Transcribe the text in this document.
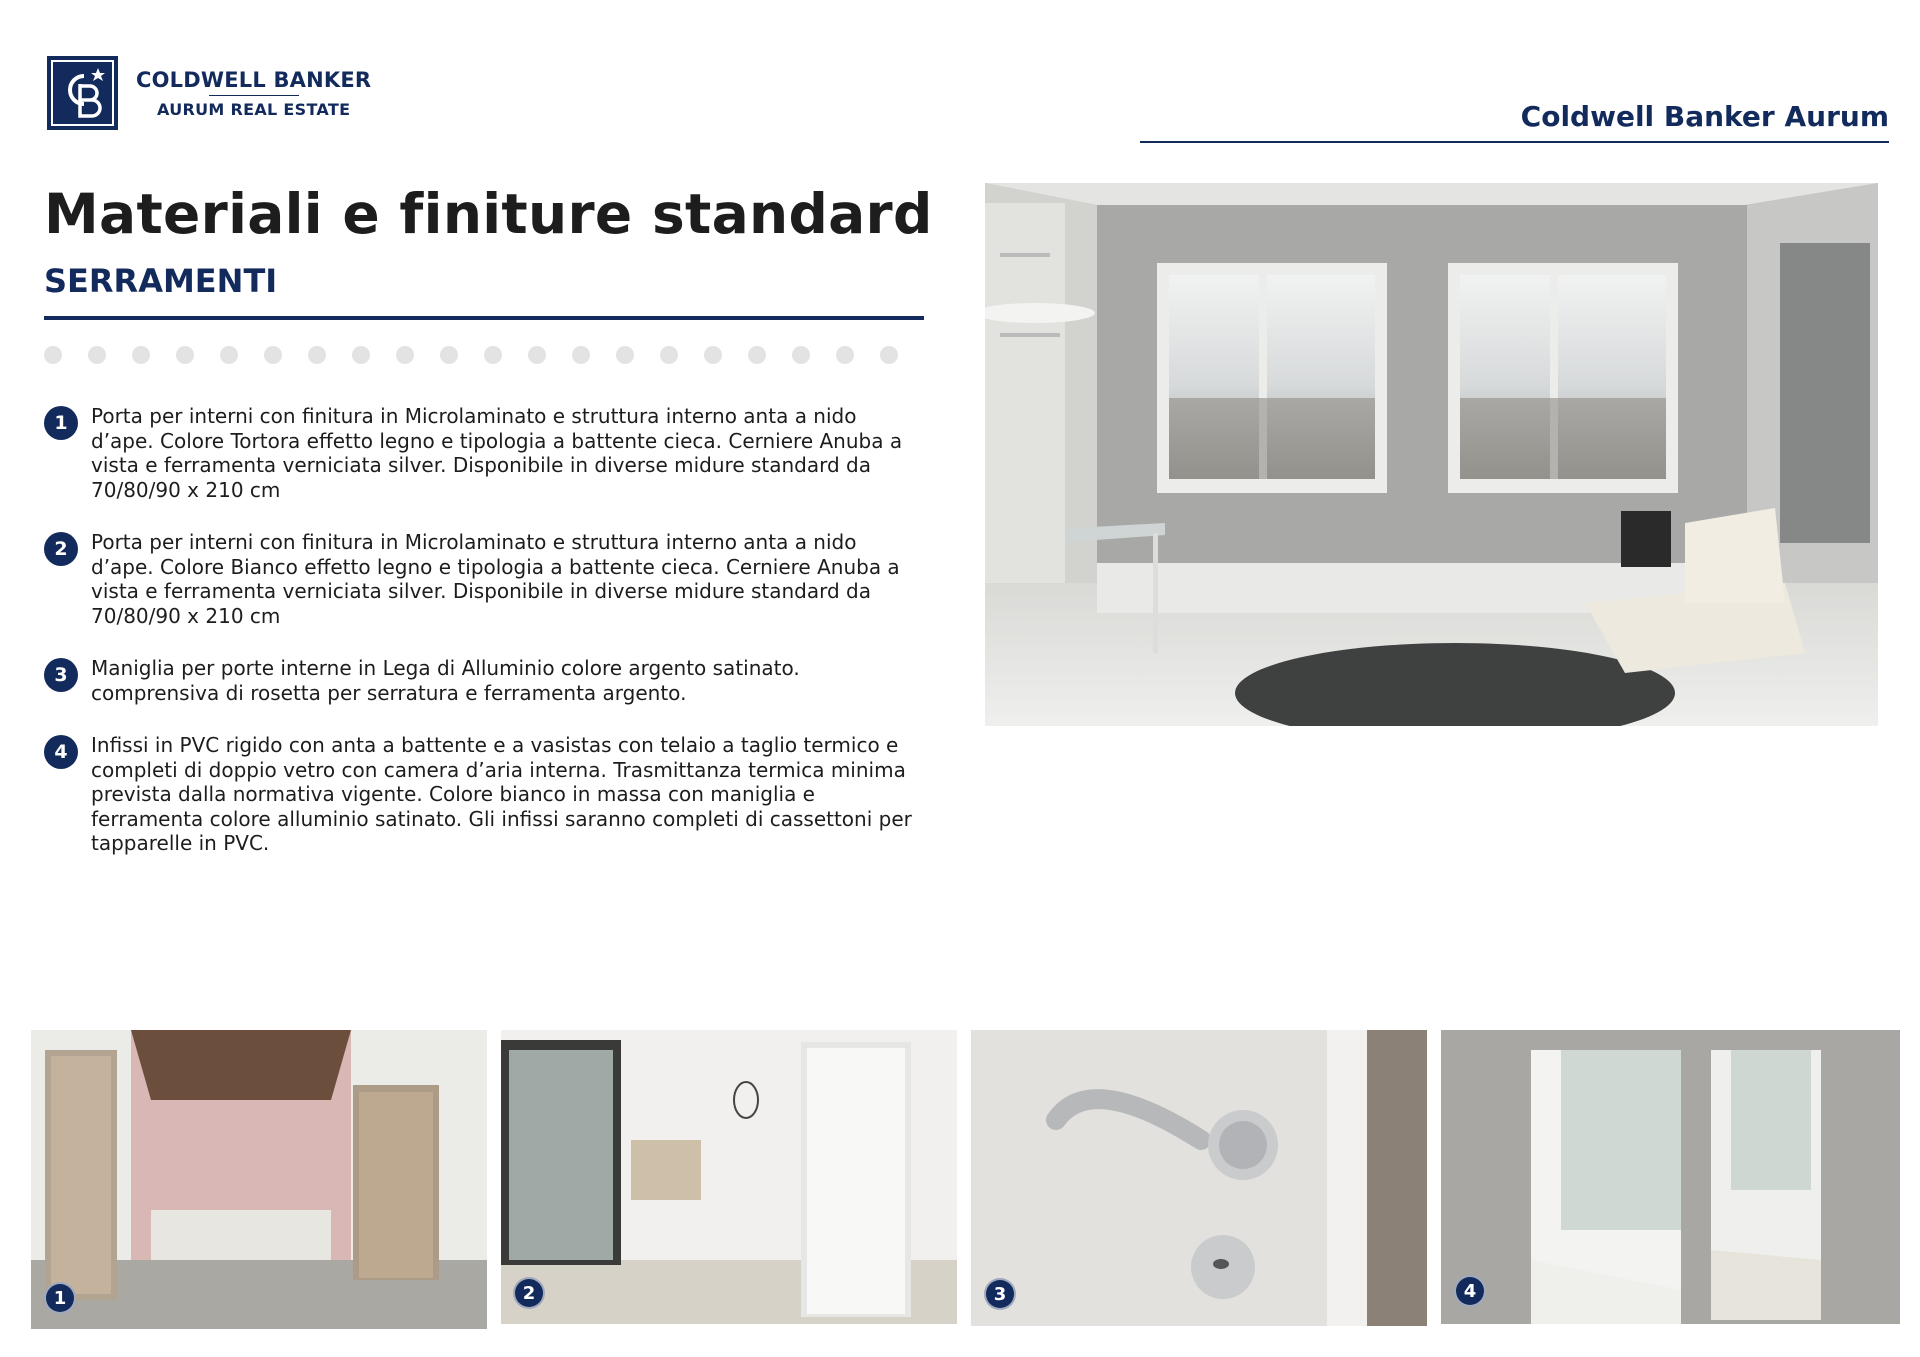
COLDWELL BANKER
AURUM REAL ESTATE	Coldwell Banker Aurum
Materiali e finiture standard
SERRAMENTI
1	Porta per interni con finitura in Microlaminato e struttura interno anta a nido d’ape. Colore Tortora effetto legno e tipologia a battente cieca. Cerniere Anuba a vista e ferramenta verniciata silver. Disponibile in diverse midure standard da 70/80/90 x 210 cm

2	Porta per interni con finitura in Microlaminato e struttura interno anta a nido d’ape. Colore Bianco effetto legno e tipologia a battente cieca. Cerniere Anuba a vista e ferramenta verniciata silver. Disponibile in diverse midure standard da 70/80/90 x 210 cm

3	Maniglia per porte interne in Lega di Alluminio colore argento satinato. comprensiva di rosetta per serratura e ferramenta argento.

4	Infissi in PVC rigido con anta a battente e a vasistas con telaio a taglio termico e completi di doppio vetro con camera d’aria interna. Trasmittanza termica minima prevista dalla normativa vigente. Colore bianco in massa con maniglia e ferramenta colore alluminio satinato. Gli infissi saranno completi di cassettoni per tapparelle in PVC.

1	2	3	4
